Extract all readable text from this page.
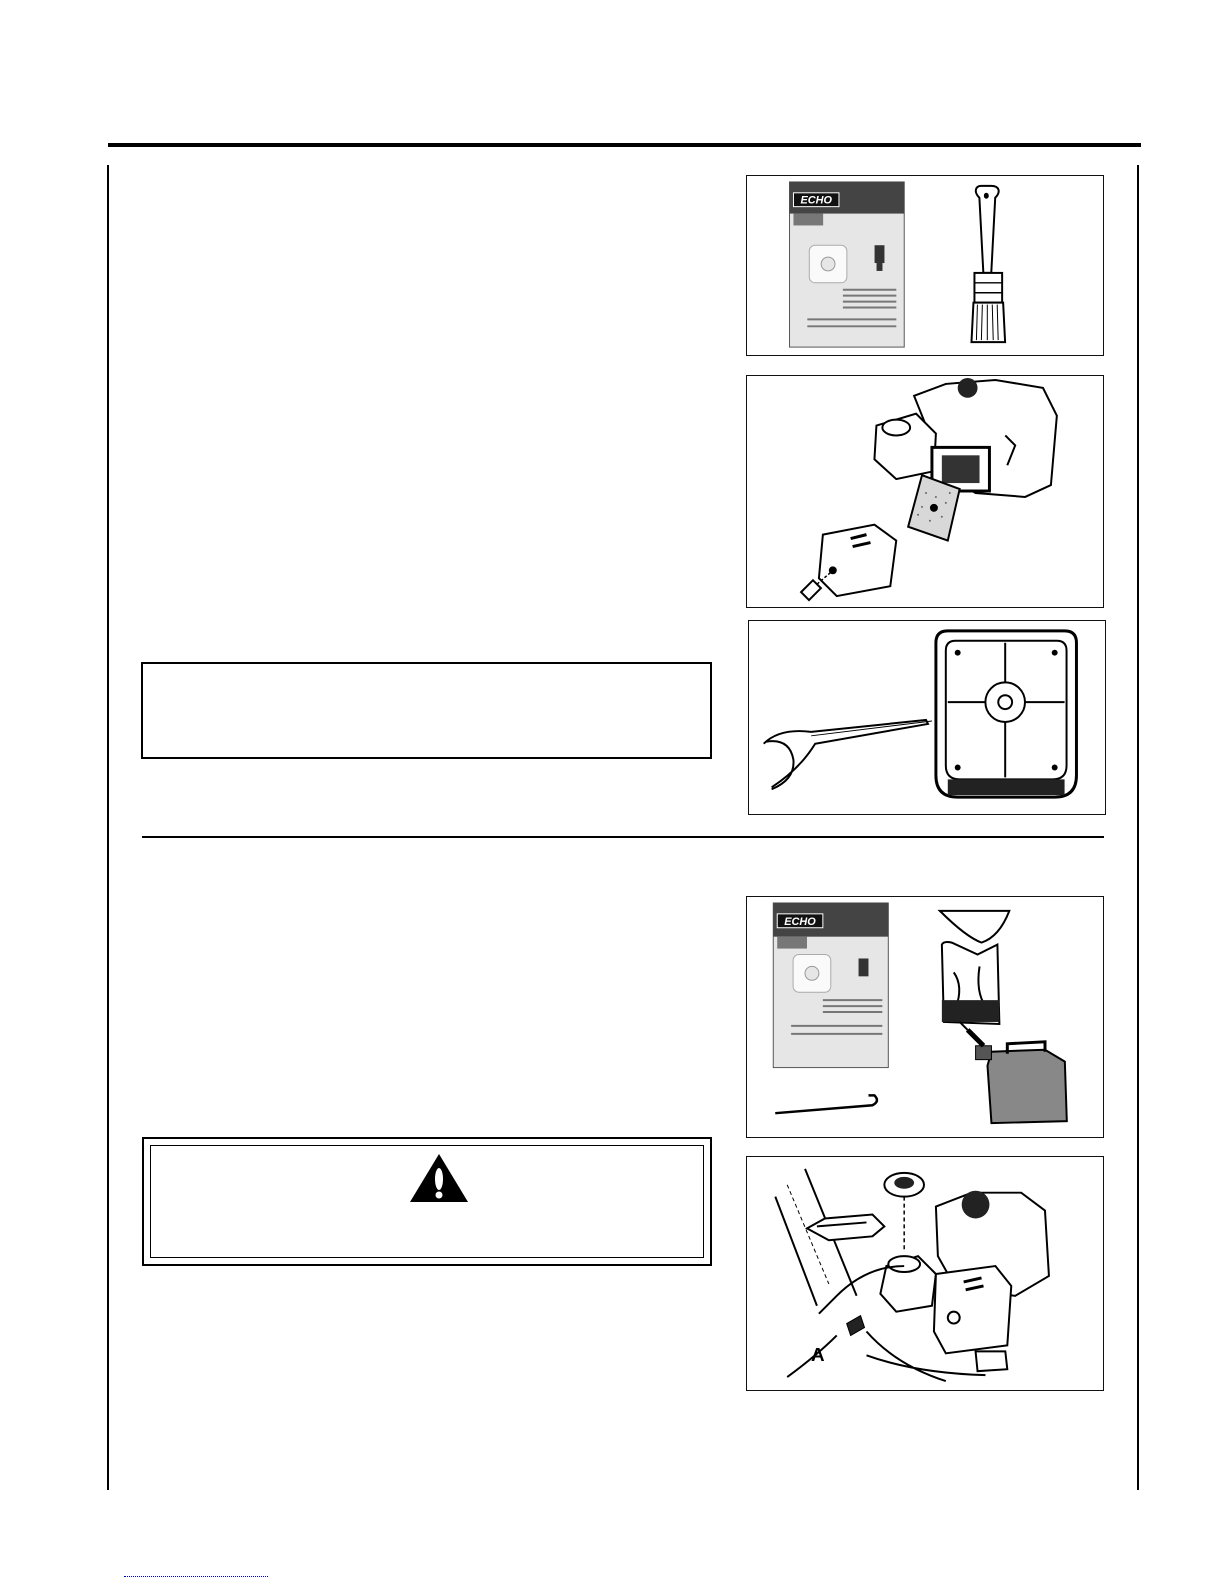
ECHO
ECHO
A
